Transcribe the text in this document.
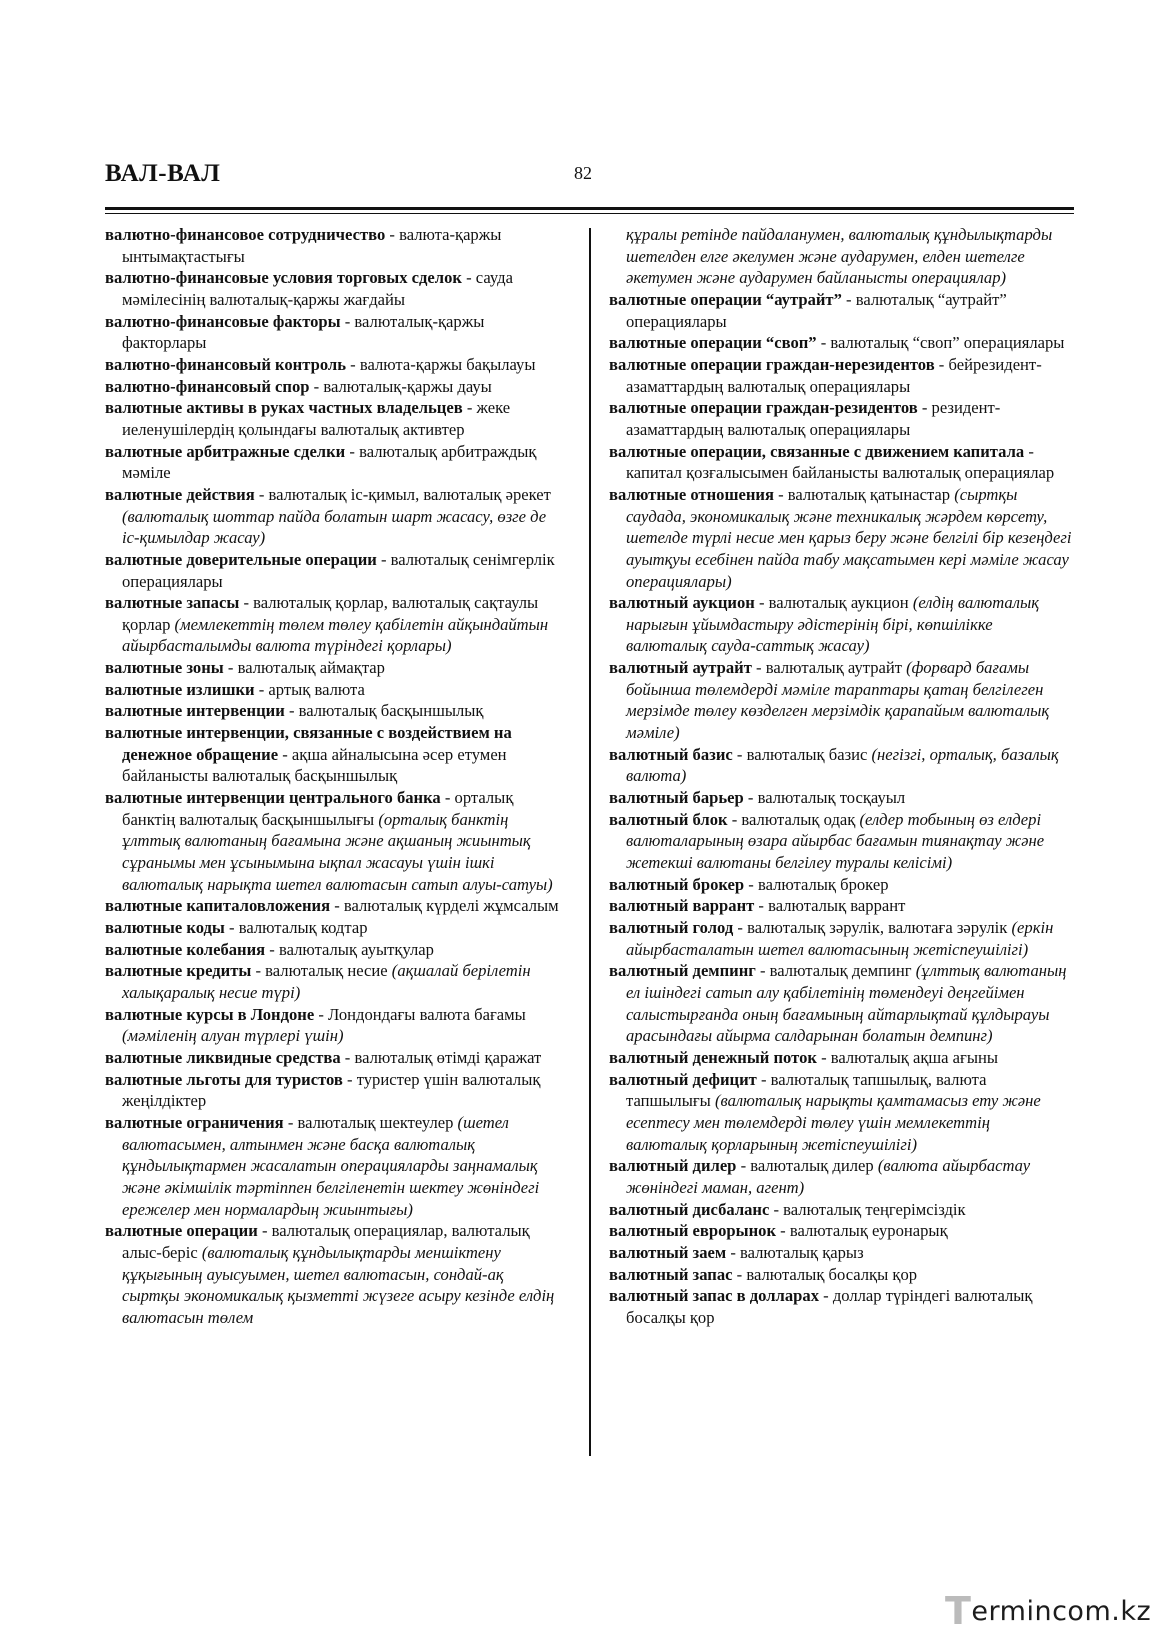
ВАЛ-ВАЛ	82

валютно-финансовое сотрудничество - валюта-қаржы ынтымақтастығы

валютно-финансовые условия торговых сделок - сауда мәмілесінің валюталық-қаржы жағдайы

валютно-финансовые факторы - валюталық-қаржы факторлары

валютно-финансовый контроль - валюта-қаржы бақылауы

валютно-финансовый спор - валюталық-қаржы дауы

валютные активы в руках частных владельцев - жеке иеленушілердің қолындағы валюталық активтер

валютные арбитражные сделки - валюталық арбитраждық мәміле

валютные действия - валюталық іс-қимыл, валюталық әрекет (валюталық шоттар пайда болатын шарт жасасу, өзге де іс-қимылдар жасау)

валютные доверительные операции - валюталық сенімгерлік операциялары

валютные запасы - валюталық қорлар, валюталық сақтаулы қорлар (мемлекеттің төлем төлеу қабілетін айқындайтын айырбасталымды валюта түріндегі қорлары)

валютные зоны - валюталық аймақтар

валютные излишки - артық валюта

валютные интервенции - валюталық басқыншылық

валютные интервенции, связанные с воздействием на денежное обращение - ақша айналысына әсер етумен байланысты валюталық басқыншылық

валютные интервенции центрального банка - орталық банктің валюталық басқыншылығы (орталық банктің ұлттық валютаның бағамына және ақшаның жиынтық сұранымы мен ұсынымына ықпал жасауы үшін ішкі валюталық нарықта шетел валютасын сатып алуы-сатуы)

валютные капиталовложения - валюталық күрделі жұмсалым

валютные коды - валюталық кодтар

валютные колебания - валюталық ауытқулар

валютные кредиты - валюталық несие (ақшалай берілетін халықаралық несие түрі)

валютные курсы в Лондоне - Лондондағы валюта бағамы (мәміленің алуан түрлері үшін)

валютные ликвидные средства - валюталық өтімді қаражат

валютные льготы для туристов - туристер үшін валюталық жеңілдіктер

валютные ограничения - валюталық шектеулер (шетел валютасымен, алтынмен және басқа валюталық құндылықтармен жасалатын операцияларды заңнамалық және әкімшілік тәртіппен белгіленетін шектеу жөніндегі ережелер мен нормалардың жиынтығы)

валютные операции - валюталық операциялар, валюталық алыс-беріс (валюталық құндылықтарды меншіктену құқығының ауысуымен, шетел валютасын, сондай-ақ сыртқы экономикалық қызметті жүзеге асыру кезінде елдің валютасын төлем

құралы ретінде пайдаланумен, валюталық құндылықтарды шетелден елге әкелумен және аударумен, елден шетелге әкетумен және аударумен байланысты операциялар)

валютные операции “аутрайт” - валюталық “аутрайт” операциялары

валютные операции “своп” - валюталық “своп” операциялары

валютные операции граждан-нерезидентов - бейрезидент-азаматтардың валюталық операциялары

валютные операции граждан-резидентов - резидент-азаматтардың валюталық операциялары

валютные операции, связанные с движением капитала - капитал қозғалысымен байланысты валюталық операциялар

валютные отношения - валюталық қатынастар (сыртқы саудада, экономикалық және техникалық жәрдем көрсету, шетелде түрлі несие мен қарыз беру және белгілі бір кезеңдегі ауытқуы есебінен пайда табу мақсатымен кері мәміле жасау операциялары)

валютный аукцион - валюталық аукцион (елдің валюталық нарығын ұйымдастыру әдістерінің бірі, көпшілікке валюталық сауда-саттық жасау)

валютный аутрайт - валюталық аутрайт (форвард бағамы бойынша төлемдерді мәміле тараптары қатаң белгілеген мерзімде төлеу көзделген мерзімдік қарапайым валюталық мәміле)

валютный базис - валюталық базис (негізгі, орталық, базалық валюта)

валютный барьер - валюталық тосқауыл

валютный блок - валюталық одақ (елдер тобының өз елдері валюталарының өзара айырбас бағамын тиянақтау және жетекші валютаны белгілеу туралы келісімі)

валютный брокер - валюталық брокер

валютный варрант - валюталық варрант

валютный голод - валюталық зәрулік, валютаға зәрулік (еркін айырбасталатын шетел валютасының жетіспеушілігі)

валютный демпинг - валюталық демпинг (ұлттық валютаның ел ішіндегі сатып алу қабілетінің төмендеуі деңгейімен салыстырғанда оның бағамының айтарлықтай құлдырауы арасындағы айырма салдарынан болатын демпинг)

валютный денежный поток - валюталық ақша ағыны

валютный дефицит - валюталық тапшылық, валюта тапшылығы (валюталық нарықты қамтамасыз ету және есептесу мен төлемдерді төлеу үшін мемлекеттің валюталық қорларының жетіспеушілігі)

валютный дилер - валюталық дилер (валюта айырбастау жөніндегі маман, агент)

валютный дисбаланс - валюталық теңгерімсіздік

валютный еврорынок - валюталық еуронарық

валютный заем - валюталық қарыз

валютный запас - валюталық босалқы қор

валютный запас в долларах - доллар түріндегі валюталық босалқы қор

Termincom.kz
